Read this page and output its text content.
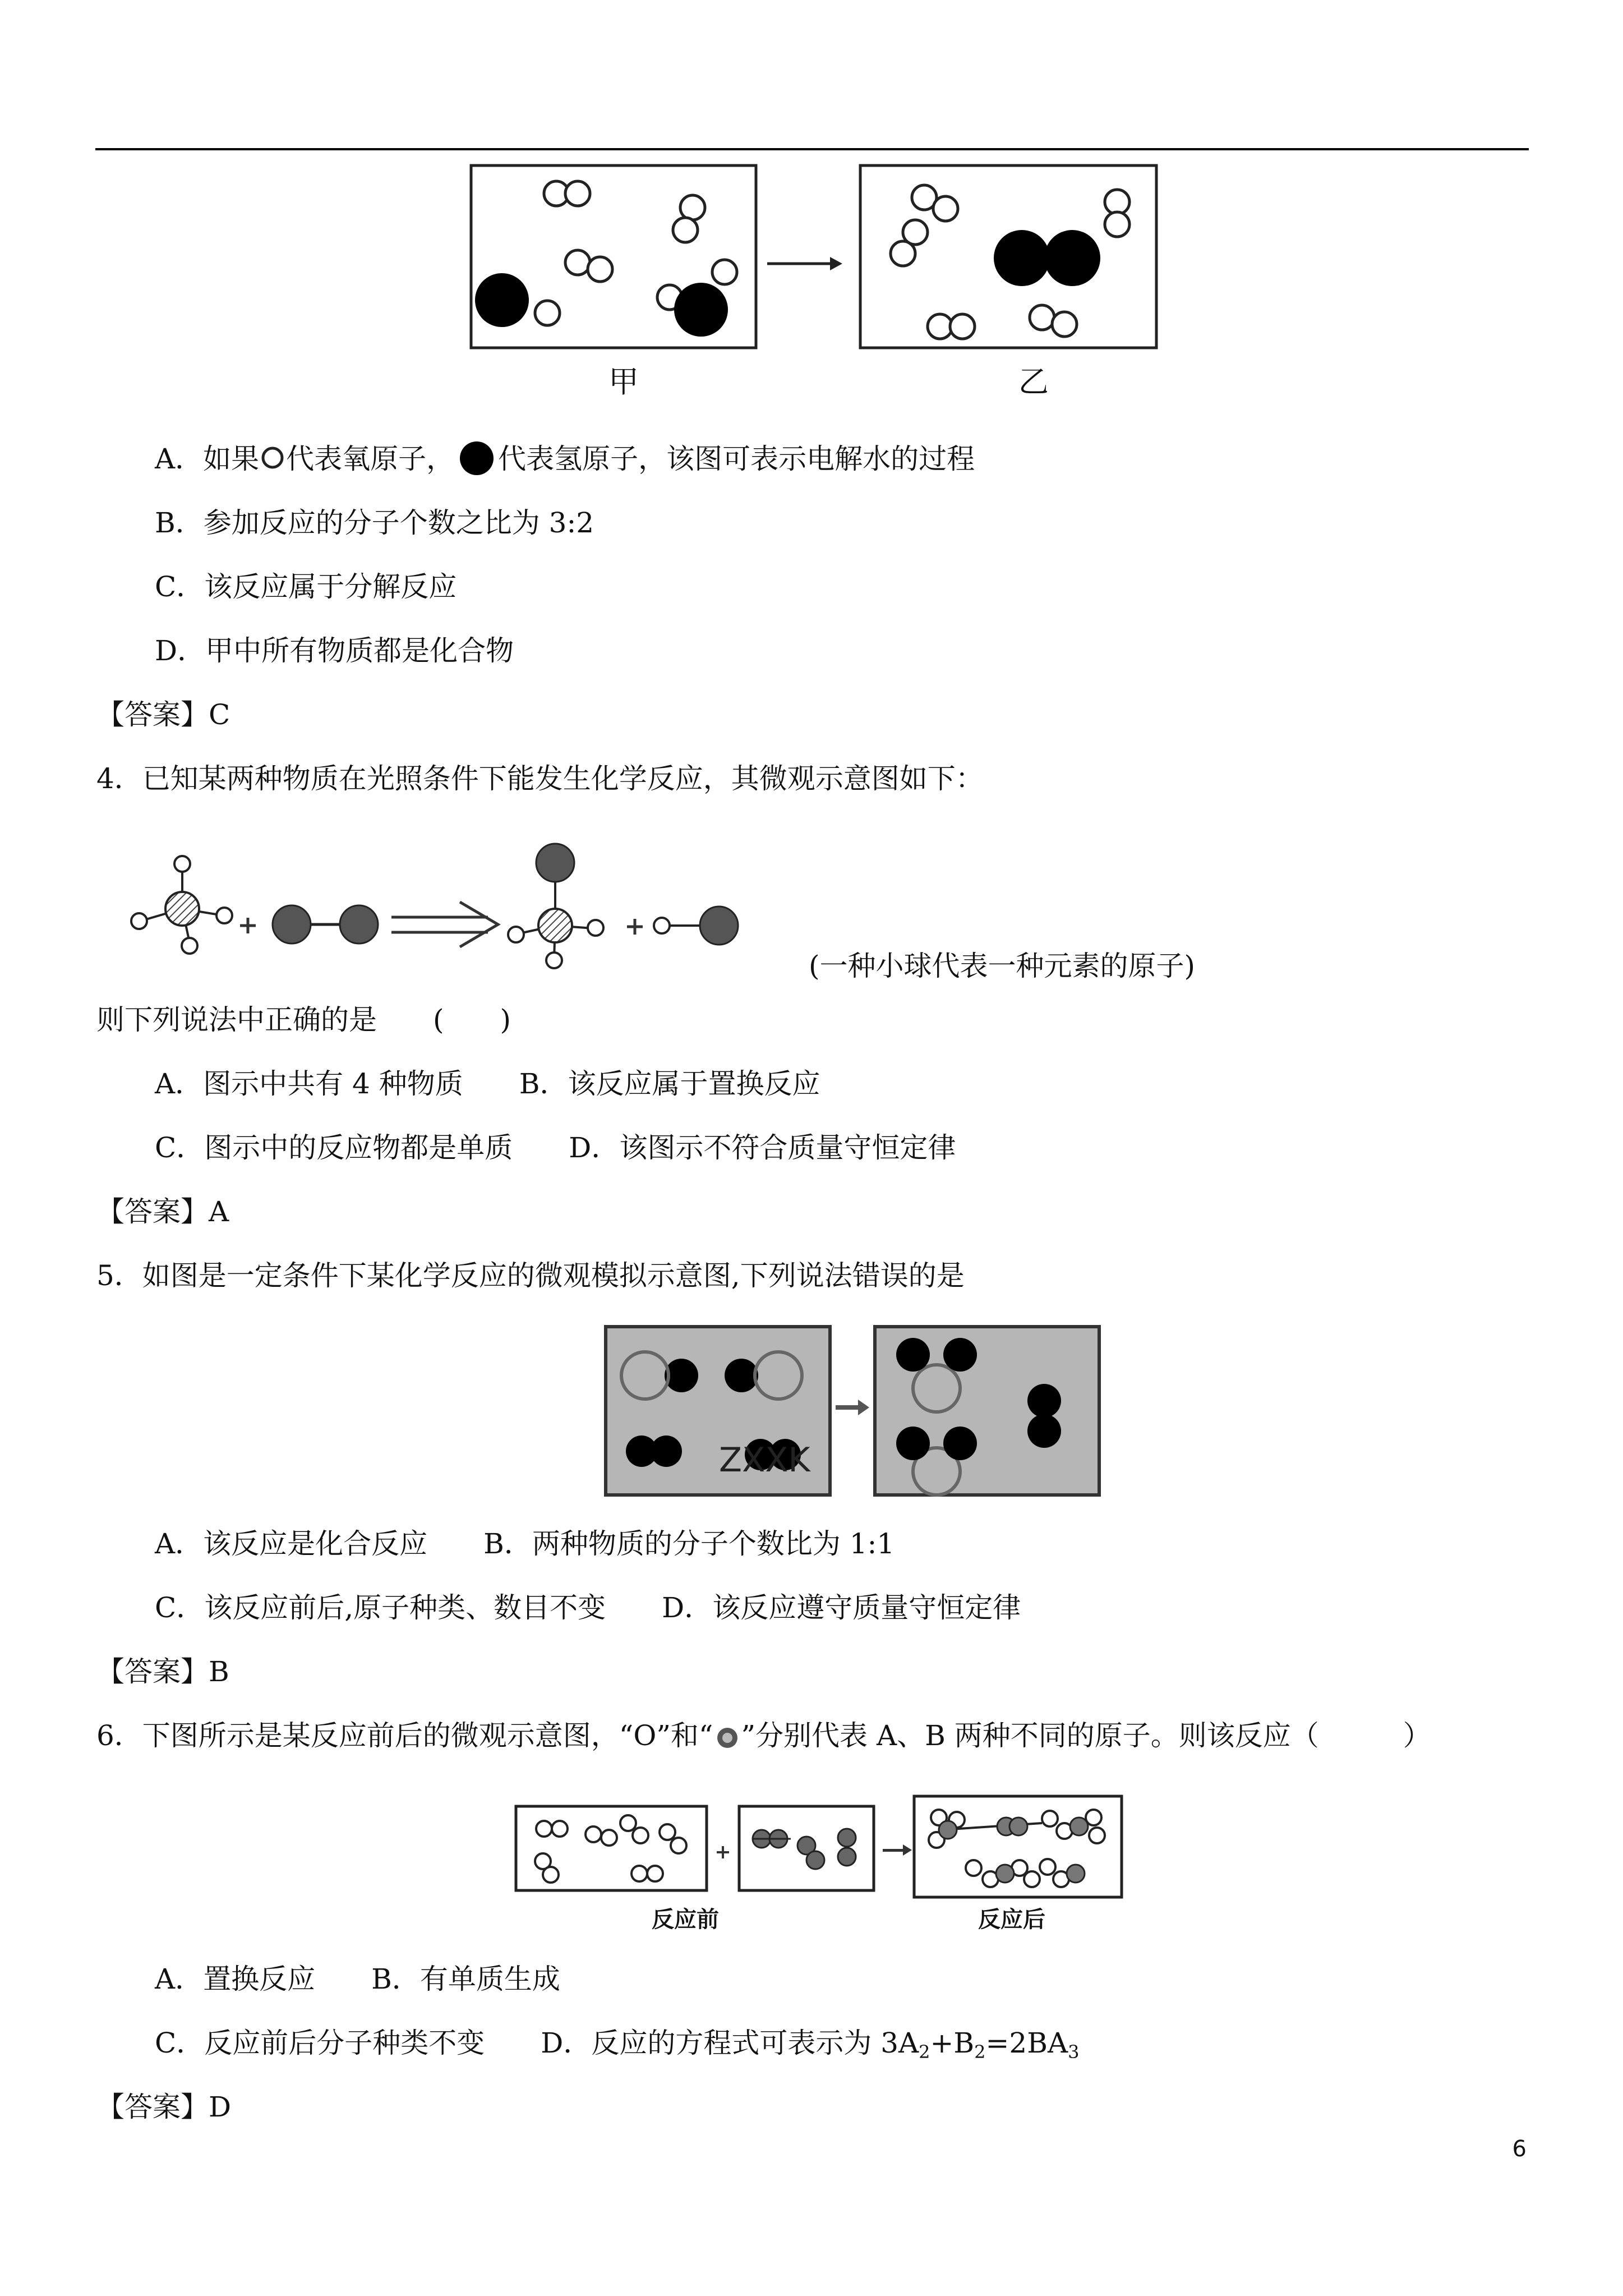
甲	乙
A．如果 代表氧原子， 代表氢原子，该图可表示电解水的过程
B．参加反应的分子个数之比为 3:2
C．该反应属于分解反应
D．甲中所有物质都是化合物
【答案】C
4．已知某两种物质在光照条件下能发生化学反应，其微观示意图如下：
(一种小球代表一种元素的原子)
则下列说法中正确的是　　(　　)
A．图示中共有 4 种物质　　B．该反应属于置换反应
C．图示中的反应物都是单质　　D．该图示不符合质量守恒定律
【答案】A
5．如图是一定条件下某化学反应的微观模拟示意图,下列说法错误的是
ZXXK
A．该反应是化合反应　　B．两种物质的分子个数比为 1:1
C．该反应前后,原子种类、数目不变　　D．该反应遵守质量守恒定律
【答案】B
6．下图所示是某反应前后的微观示意图，“O”和“ ”分别代表 A、B 两种不同的原子。则该反应（　　　）
反应前	反应后
A．置换反应　　B．有单质生成
C．反应前后分子种类不变　　D．反应的方程式可表示为 $3A_2+B_2=2BA_3$
【答案】D
6
